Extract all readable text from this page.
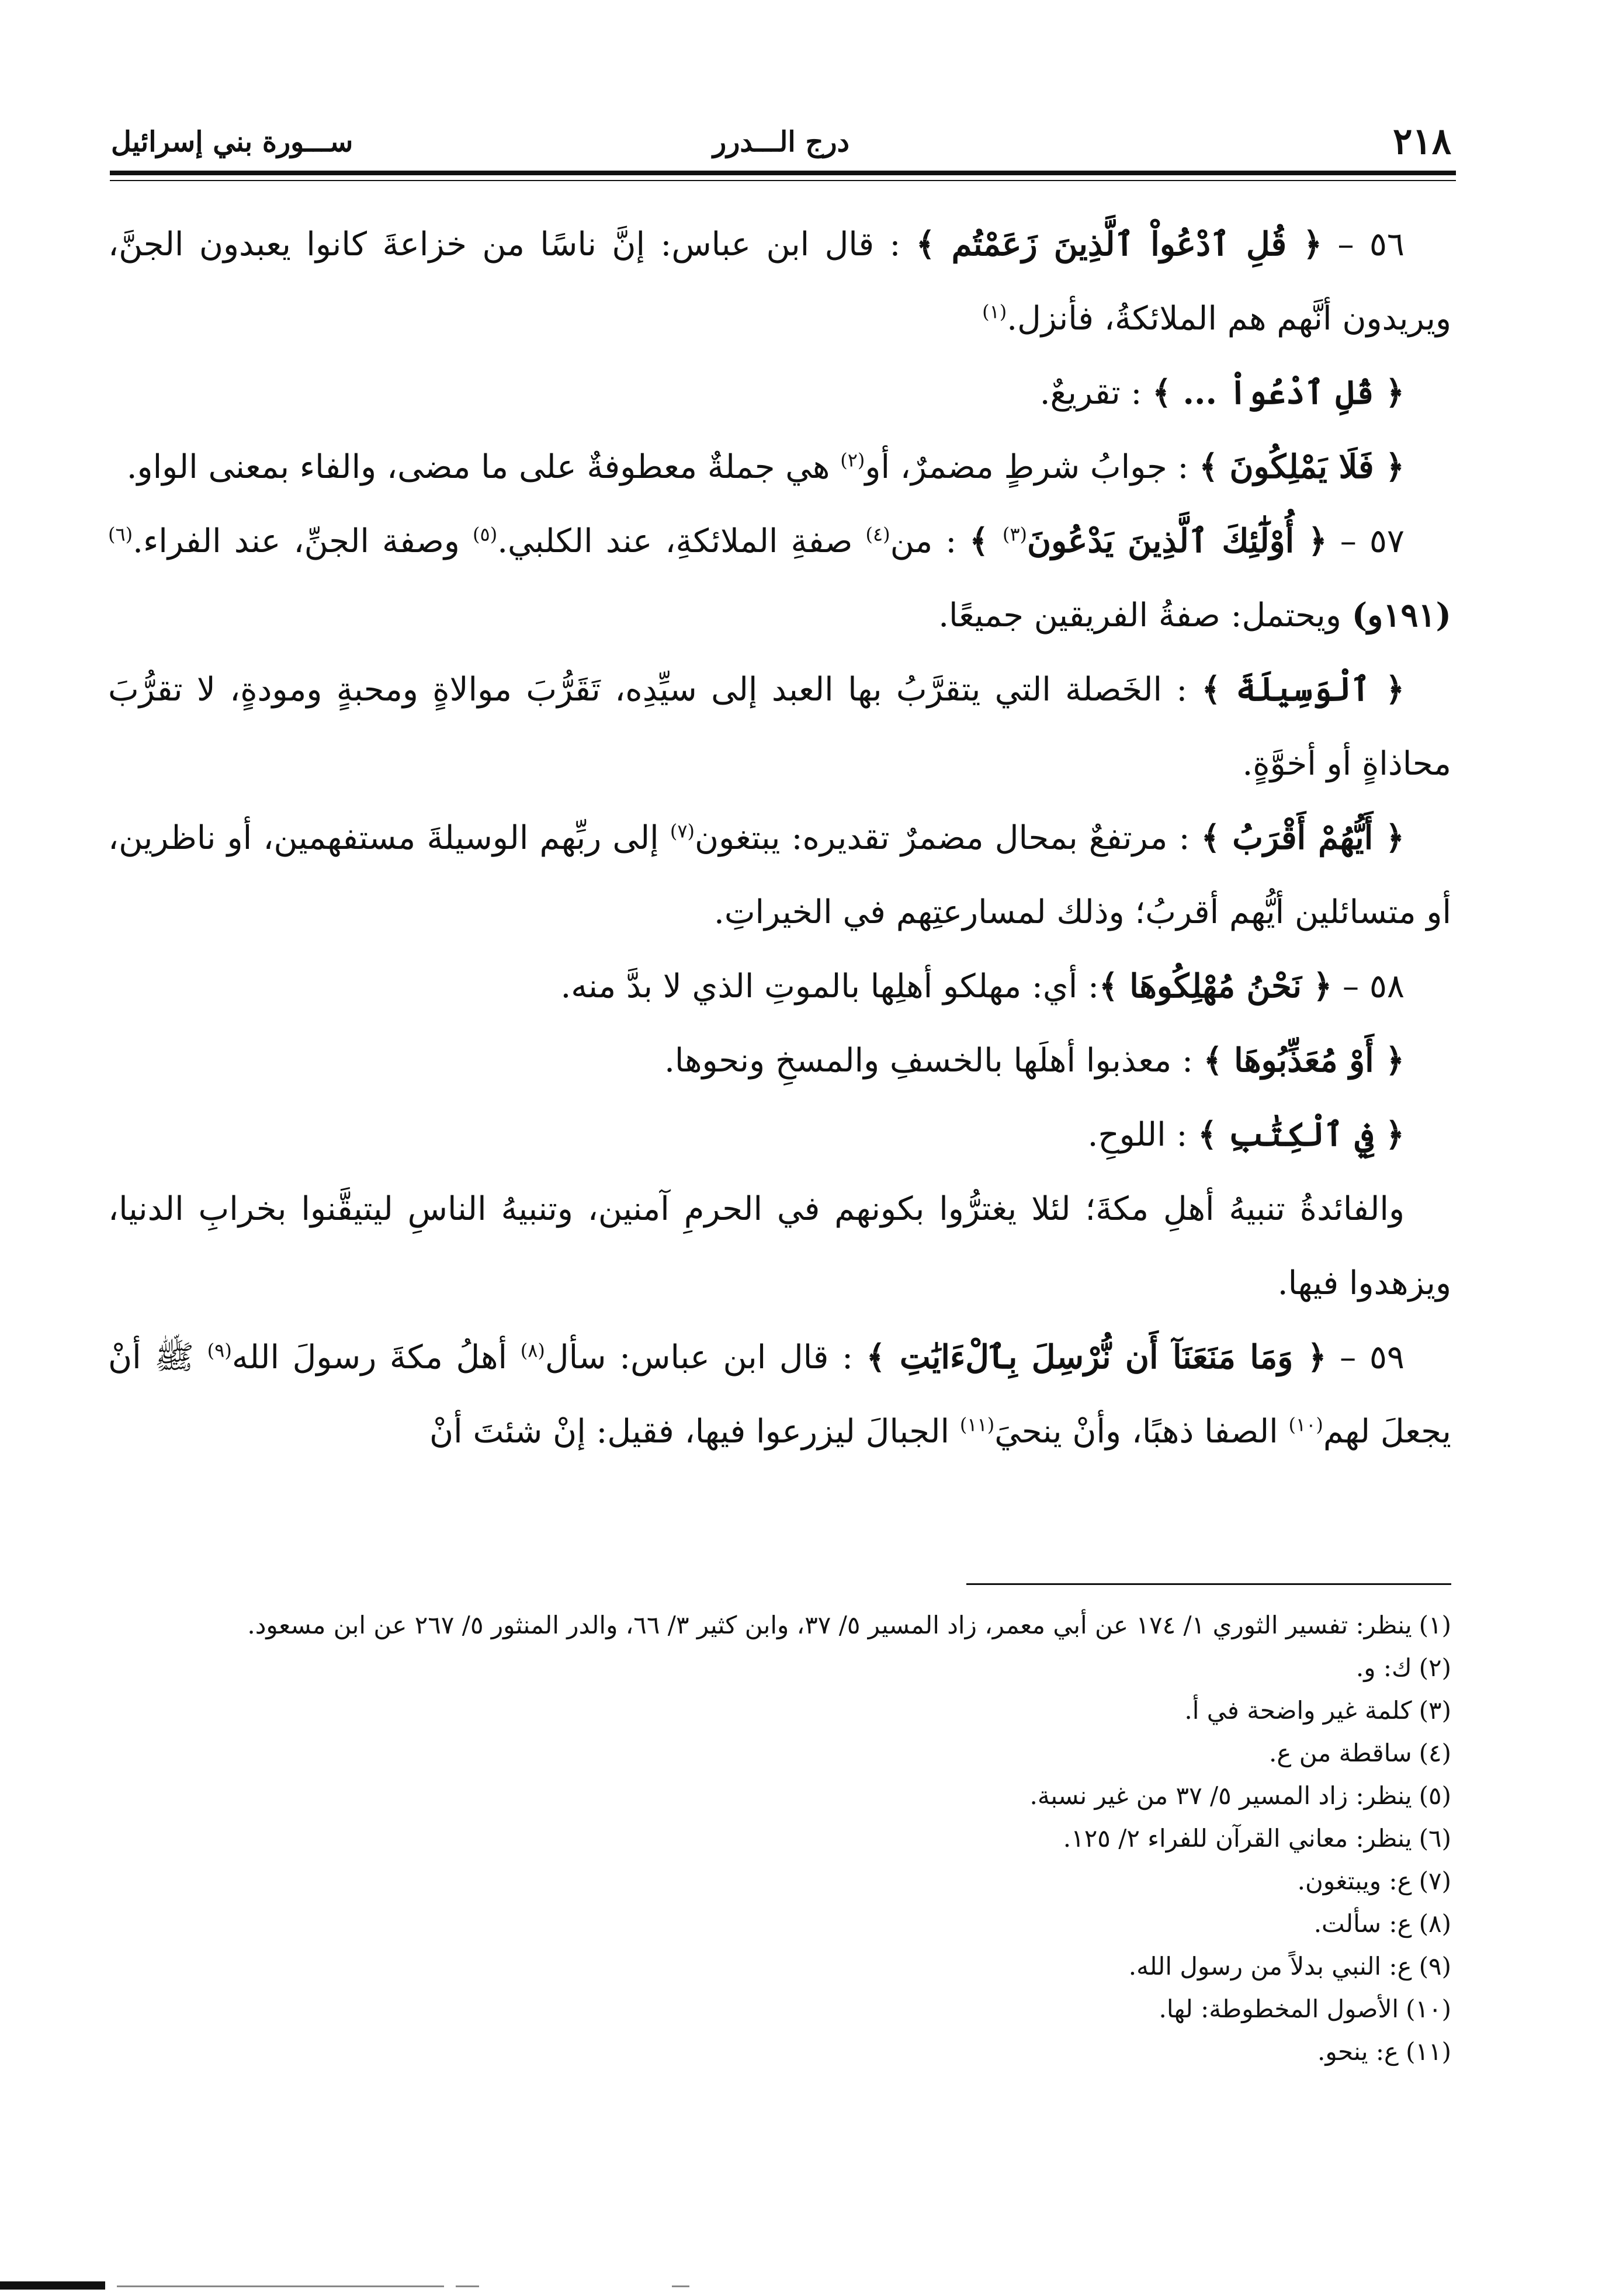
٢١٨
درج الـــدرر
ســـورة بني إسرائيل

٥٦ – ﴿ قُلِ ٱدْعُواْ ٱلَّذِينَ زَعَمْتُم ﴾ : قال ابن عباس: إنَّ ناسًا من خزاعةَ كانوا يعبدون الجنَّ، ويريدون أنَّهم هم الملائكةُ، فأنزل.$^{(١)}$

﴿ قُلِ ٱدْعُواْ ... ﴾ : تقريعٌ.

﴿ فَلَا يَمْلِكُونَ ﴾ : جوابُ شرطٍ مضمرٌ، أو$^{(٢)}$ هي جملةٌ معطوفةٌ على ما مضى، والفاء بمعنى الواو.

٥٧ – ﴿ أُوْلَٰٓئِكَ ٱلَّذِينَ يَدْعُونَ$^{(٣)}$ ﴾ : من$^{(٤)}$ صفةِ الملائكةِ، عند الكلبي.$^{(٥)}$ وصفة الجنِّ، عند الفراء.$^{(٦)}$ (١٩١و) ويحتمل: صفةُ الفريقين جميعًا.

﴿ ٱلْوَسِيلَةَ ﴾ : الخَصلة التي يتقرَّبُ بها العبد إلى سيِّدِه، تَقَرُّبَ موالاةٍ ومحبةٍ ومودةٍ، لا تقرُّبَ محاذاةٍ أو أخوَّةٍ.

﴿ أَيُّهُمْ أَقْرَبُ ﴾ : مرتفعٌ بمحال مضمرٌ تقديره: يبتغون$^{(٧)}$ إلى ربِّهم الوسيلةَ مستفهمين، أو ناظرين، أو متسائلين أيُّهم أقربُ؛ وذلك لمسارعتِهم في الخيراتِ.

٥٨ – ﴿ نَحْنُ مُهْلِكُوهَا ﴾: أي: مهلكو أهلِها بالموتِ الذي لا بدَّ منه.

﴿ أَوْ مُعَذِّبُوهَا ﴾ : معذبوا أهلَها بالخسفِ والمسخِ ونحوها.

﴿ فِي ٱلْكِتَٰبِ ﴾ : اللوحِ.

والفائدةُ تنبيهُ أهلِ مكةَ؛ لئلا يغترُّوا بكونهم في الحرمِ آمنين، وتنبيهُ الناسِ ليتيقَّنوا بخرابِ الدنيا، ويزهدوا فيها.

٥٩ – ﴿ وَمَا مَنَعَنَآ أَن نُّرْسِلَ بِٱلْءَايَٰتِ ﴾ : قال ابن عباس: سأل$^{(٨)}$ أهلُ مكةَ رسولَ الله$^{(٩)}$ ﷺ أنْ يجعلَ لهم$^{(١٠)}$ الصفا ذهبًا، وأنْ ينحيَ$^{(١١)}$ الجبالَ ليزرعوا فيها، فقيل: إنْ شئتَ أنْ

(١)ينظر: تفسير الثوري ١/ ١٧٤ عن أبي معمر، زاد المسير ٥/ ٣٧، وابن كثير ٣/ ٦٦، والدر المنثور ٥/ ٢٦٧ عن ابن مسعود.

(٢)ك: و.

(٣)كلمة غير واضحة في أ.

(٤)ساقطة من ع.

(٥)ينظر: زاد المسير ٥/ ٣٧ من غير نسبة.

(٦)ينظر: معاني القرآن للفراء ٢/ ١٢٥.

(٧)ع: ويبتغون.

(٨)ع: سألت.

(٩)ع: النبي بدلاً من رسول الله.

(١٠)الأصول المخطوطة: لها.

(١١)ع: ينحو.
